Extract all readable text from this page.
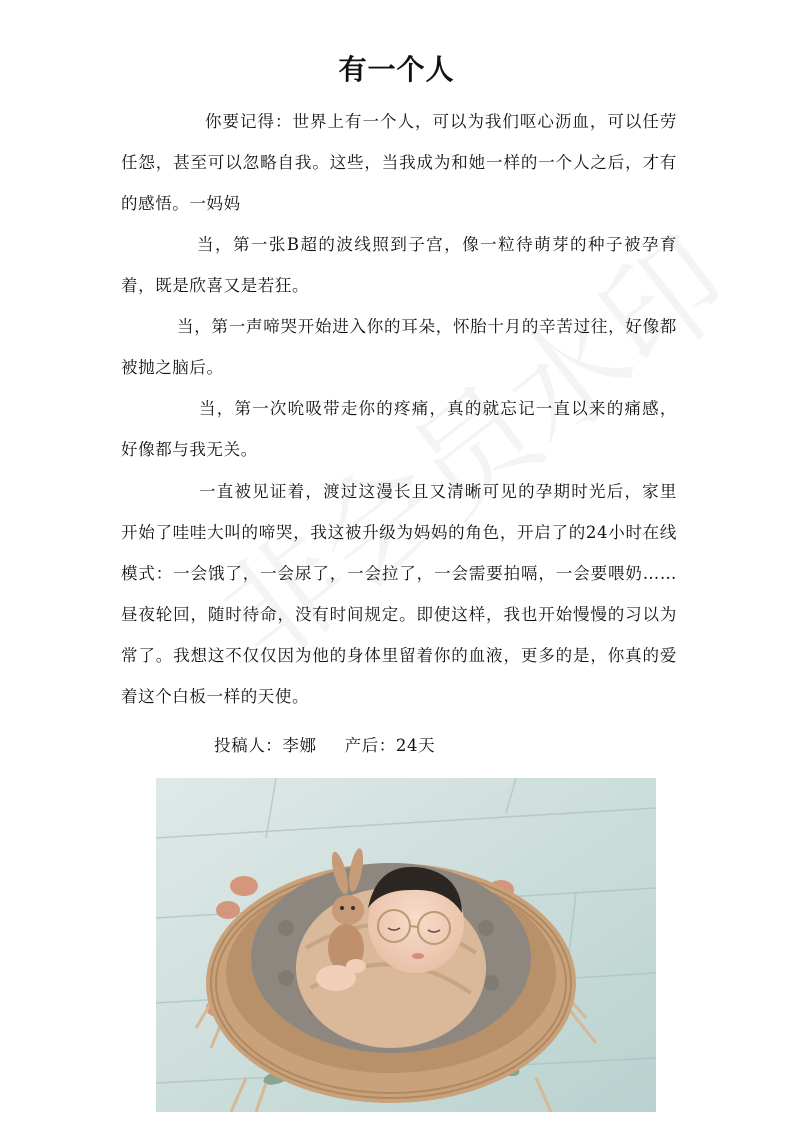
有一个人

你要记得：世界上有一个人，可以为我们呕心沥血，可以任劳任怨，甚至可以忽略自我。这些，当我成为和她一样的一个人之后，才有的感悟。一妈妈

当，第一张B超的波线照到子宫，像一粒待萌芽的种子被孕育着，既是欣喜又是若狂。

当，第一声啼哭开始进入你的耳朵，怀胎十月的辛苦过往，好像都被抛之脑后。

当，第一次吮吸带走你的疼痛，真的就忘记一直以来的痛感，好像都与我无关。

一直被见证着，渡过这漫长且又清晰可见的孕期时光后，家里开始了哇哇大叫的啼哭，我这被升级为妈妈的角色，开启了的24小时在线模式：一会饿了，一会尿了，一会拉了，一会需要拍嗝，一会要喂奶……昼夜轮回，随时待命，没有时间规定。即使这样，我也开始慢慢的习以为常了。我想这不仅仅因为他的身体里留着你的血液，更多的是，你真的爱着这个白板一样的天使。

投稿人：李娜 产后：24天
